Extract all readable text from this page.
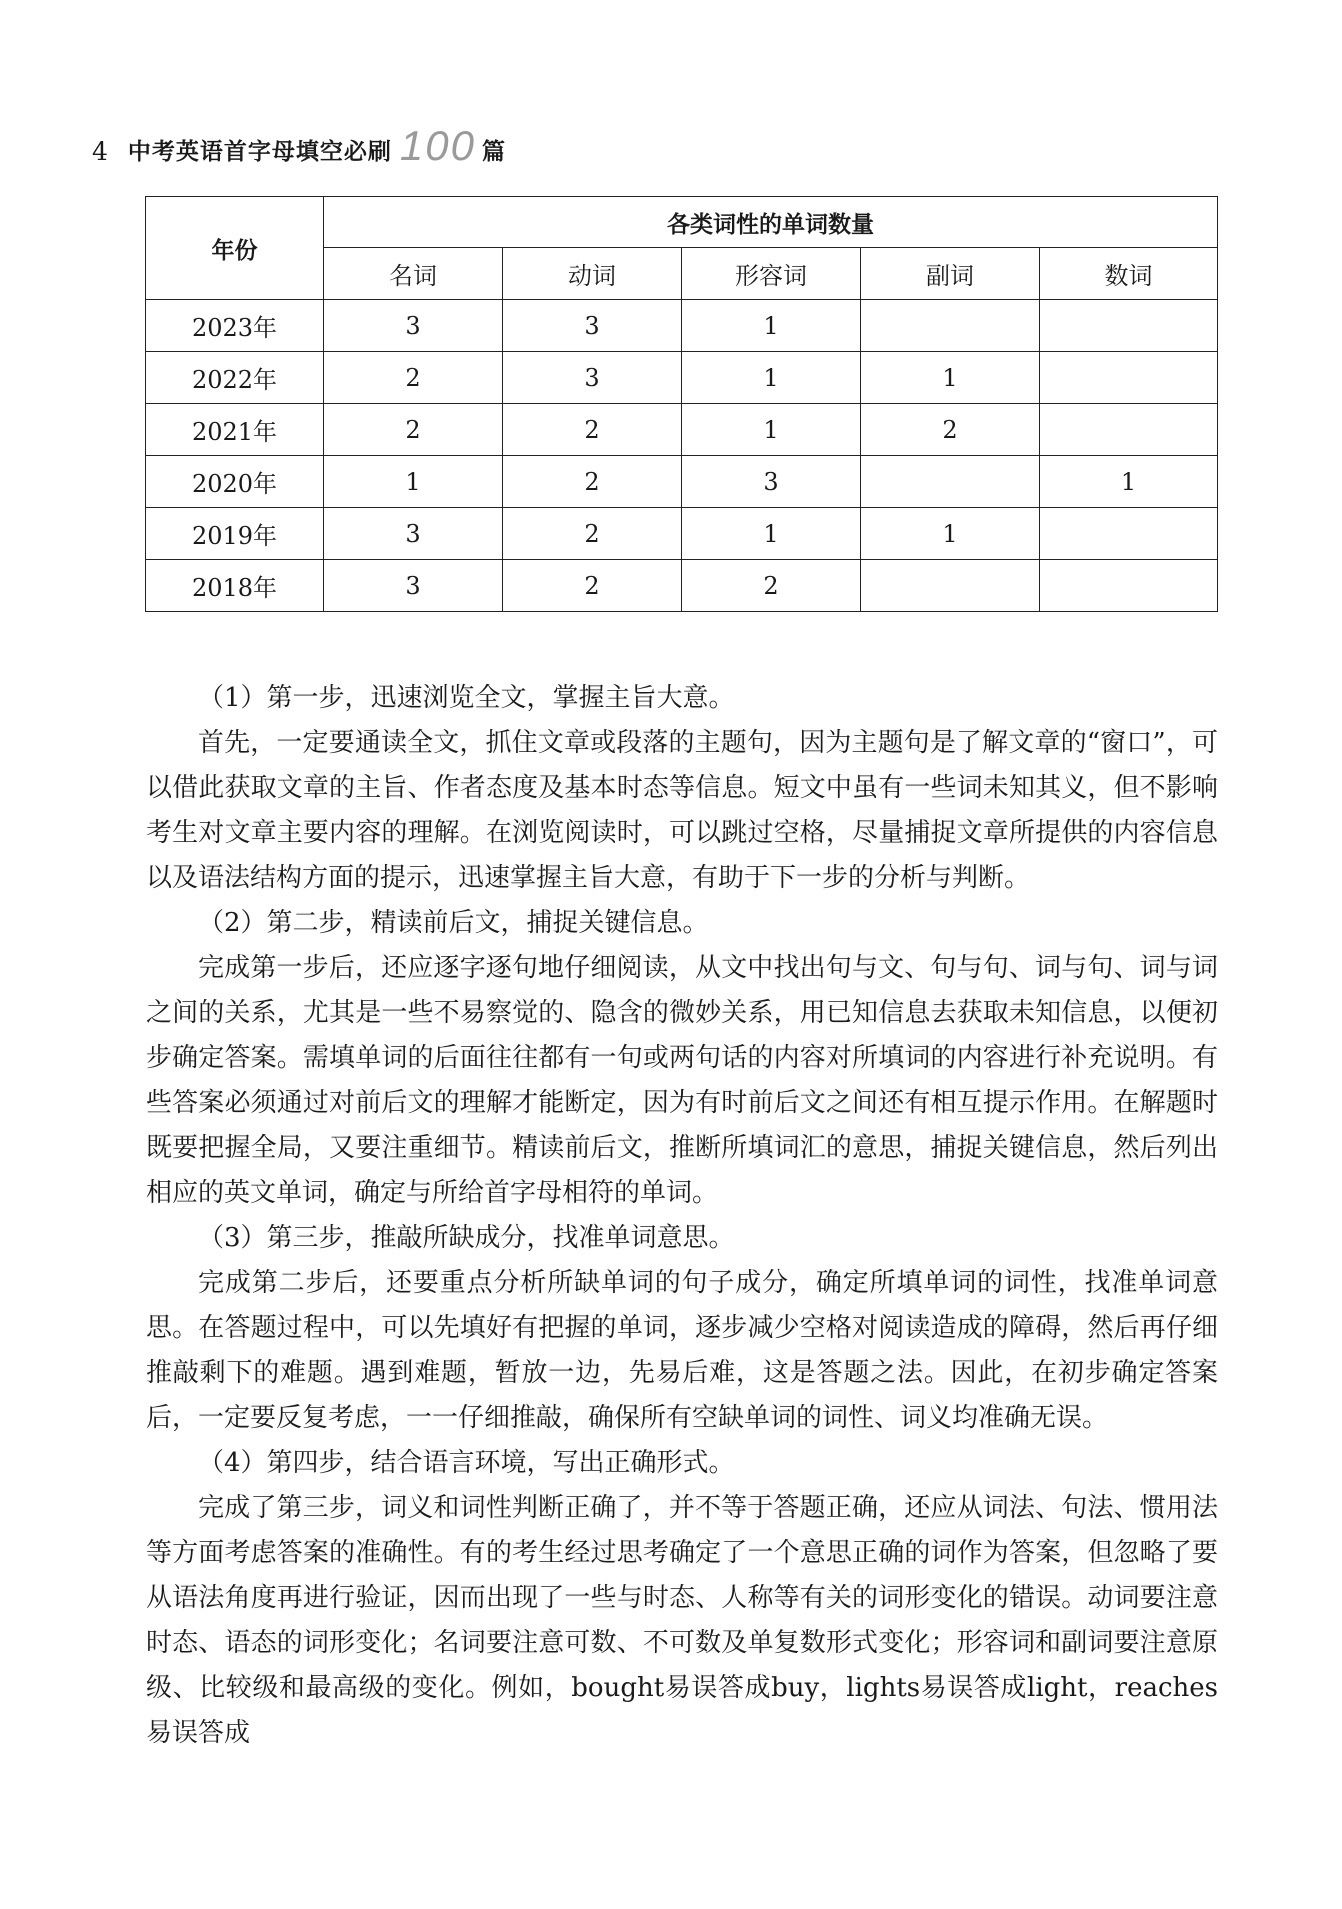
4 中考英语首字母填空必刷 100 篇
年份	各类词性的单词数量				
	名词	动词	形容词	副词	数词
2023年	3	3	1		
2022年	2	3	1	1	
2021年	2	2	1	2	
2020年	1	2	3		1
2019年	3	2	1	1	
2018年	3	2	2		

（1）第一步，迅速浏览全文，掌握主旨大意。

首先，一定要通读全文，抓住文章或段落的主题句，因为主题句是了解文章的“窗口”，可以借此获取文章的主旨、作者态度及基本时态等信息。短文中虽有一些词未知其义，但不影响考生对文章主要内容的理解。在浏览阅读时，可以跳过空格，尽量捕捉文章所提供的内容信息以及语法结构方面的提示，迅速掌握主旨大意，有助于下一步的分析与判断。

（2）第二步，精读前后文，捕捉关键信息。

完成第一步后，还应逐字逐句地仔细阅读，从文中找出句与文、句与句、词与句、词与词之间的关系，尤其是一些不易察觉的、隐含的微妙关系，用已知信息去获取未知信息，以便初步确定答案。需填单词的后面往往都有一句或两句话的内容对所填词的内容进行补充说明。有些答案必须通过对前后文的理解才能断定，因为有时前后文之间还有相互提示作用。在解题时既要把握全局，又要注重细节。精读前后文，推断所填词汇的意思，捕捉关键信息，然后列出相应的英文单词，确定与所给首字母相符的单词。

（3）第三步，推敲所缺成分，找准单词意思。

完成第二步后，还要重点分析所缺单词的句子成分，确定所填单词的词性，找准单词意思。在答题过程中，可以先填好有把握的单词，逐步减少空格对阅读造成的障碍，然后再仔细推敲剩下的难题。遇到难题，暂放一边，先易后难，这是答题之法。因此，在初步确定答案后，一定要反复考虑，一一仔细推敲，确保所有空缺单词的词性、词义均准确无误。

（4）第四步，结合语言环境，写出正确形式。

完成了第三步，词义和词性判断正确了，并不等于答题正确，还应从词法、句法、惯用法等方面考虑答案的准确性。有的考生经过思考确定了一个意思正确的词作为答案，但忽略了要从语法角度再进行验证，因而出现了一些与时态、人称等有关的词形变化的错误。动词要注意时态、语态的词形变化；名词要注意可数、不可数及单复数形式变化；形容词和副词要注意原级、比较级和最高级的变化。例如，bought易误答成buy，lights易误答成light，reaches易误答成
